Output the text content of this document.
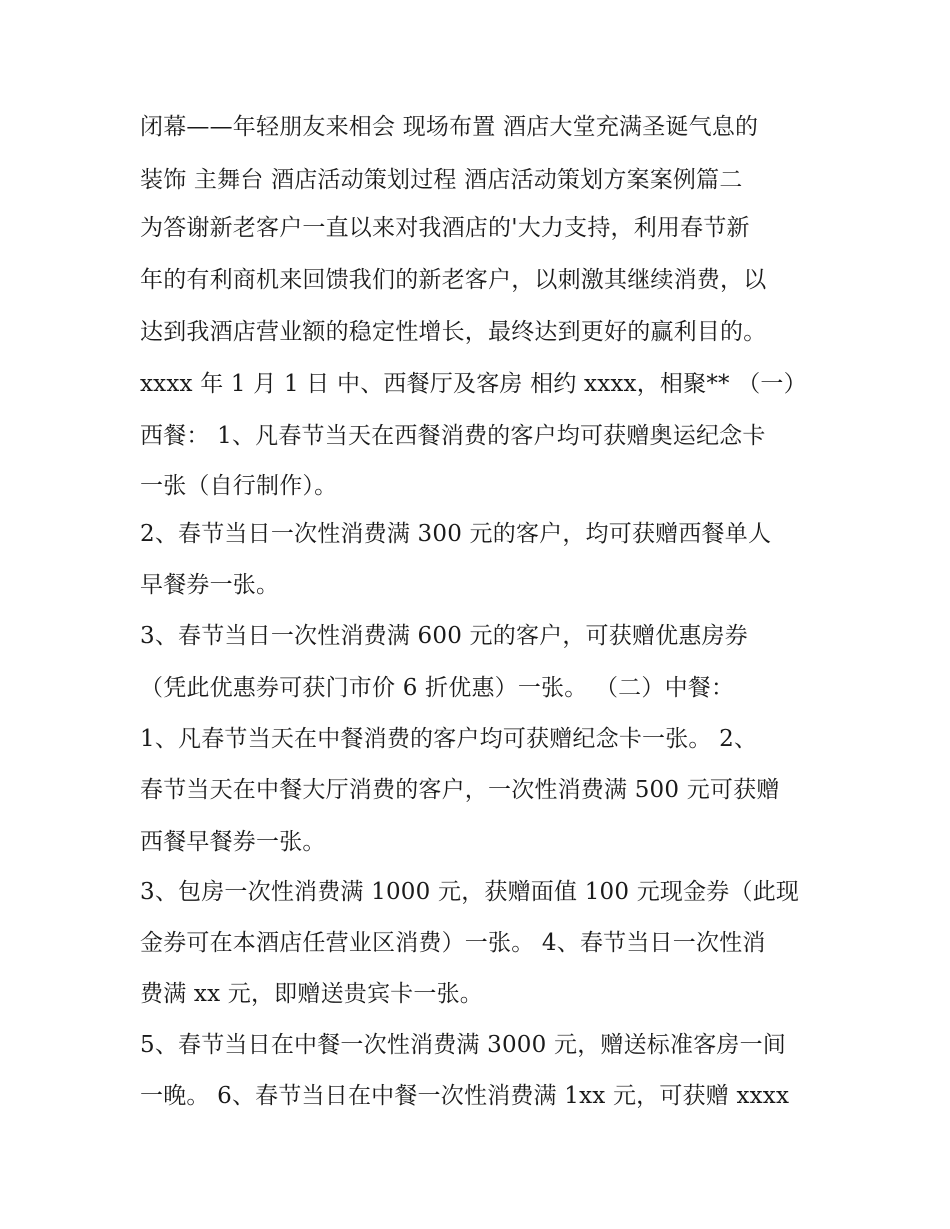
闭幕——年轻朋友来相会 现场布置 酒店大堂充满圣诞气息的
装饰 主舞台 酒店活动策划过程 酒店活动策划方案案例篇二
为答谢新老客户一直以来对我酒店的'大力支持，利用春节新
年的有利商机来回馈我们的新老客户，以刺激其继续消费，以
达到我酒店营业额的稳定性增长，最终达到更好的赢利目的。
xxxx 年 1 月 1 日 中、西餐厅及客房 相约 xxxx，相聚** （一）
西餐： 1、凡春节当天在西餐消费的客户均可获赠奥运纪念卡
一张（自行制作）。
2、春节当日一次性消费满 300 元的客户，均可获赠西餐单人
早餐券一张。
3、春节当日一次性消费满 600 元的客户，可获赠优惠房券
（凭此优惠券可获门市价 6 折优惠）一张。 （二）中餐：
1、凡春节当天在中餐消费的客户均可获赠纪念卡一张。 2、
春节当天在中餐大厅消费的客户，一次性消费满 500 元可获赠
西餐早餐券一张。
3、包房一次性消费满 1000 元，获赠面值 100 元现金券（此现
金券可在本酒店任营业区消费）一张。 4、春节当日一次性消
费满 xx 元，即赠送贵宾卡一张。
5、春节当日在中餐一次性消费满 3000 元，赠送标准客房一间
一晚。 6、春节当日在中餐一次性消费满 1xx 元，可获赠 xxxx
